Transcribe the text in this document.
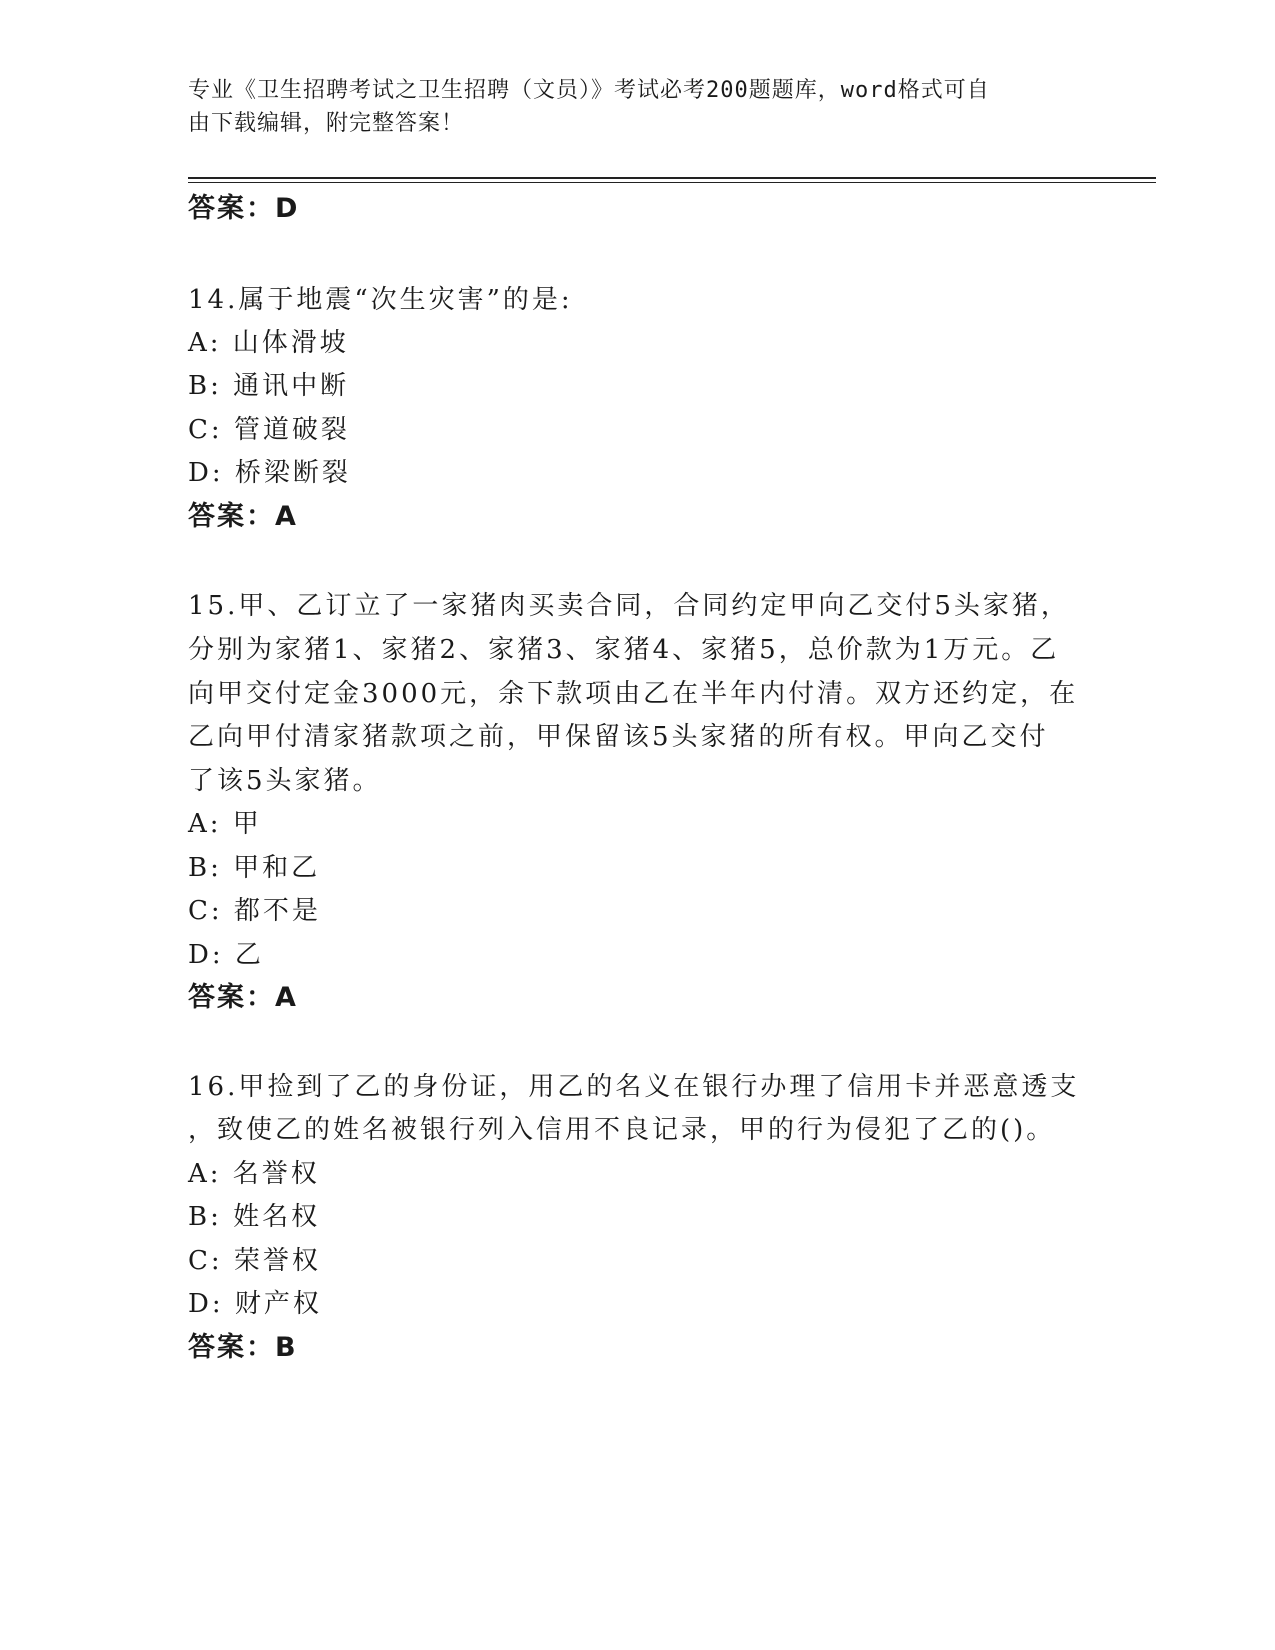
专业《卫生招聘考试之卫生招聘（文员）》考试必考200题题库，word格式可自
由下载编辑，附完整答案！
答案：D
14.属于地震“次生灾害”的是:
A: 山体滑坡
B: 通讯中断
C: 管道破裂
D: 桥梁断裂
答案：A
15.甲、乙订立了一家猪肉买卖合同，合同约定甲向乙交付5头家猪，
分别为家猪1、家猪2、家猪3、家猪4、家猪5，总价款为1万元。乙
向甲交付定金3000元，余下款项由乙在半年内付清。双方还约定，在
乙向甲付清家猪款项之前，甲保留该5头家猪的所有权。甲向乙交付
了该5头家猪。
A: 甲
B: 甲和乙
C: 都不是
D: 乙
答案：A
16.甲捡到了乙的身份证，用乙的名义在银行办理了信用卡并恶意透支
，致使乙的姓名被银行列入信用不良记录，甲的行为侵犯了乙的()。
A: 名誉权
B: 姓名权
C: 荣誉权
D: 财产权
答案：B
